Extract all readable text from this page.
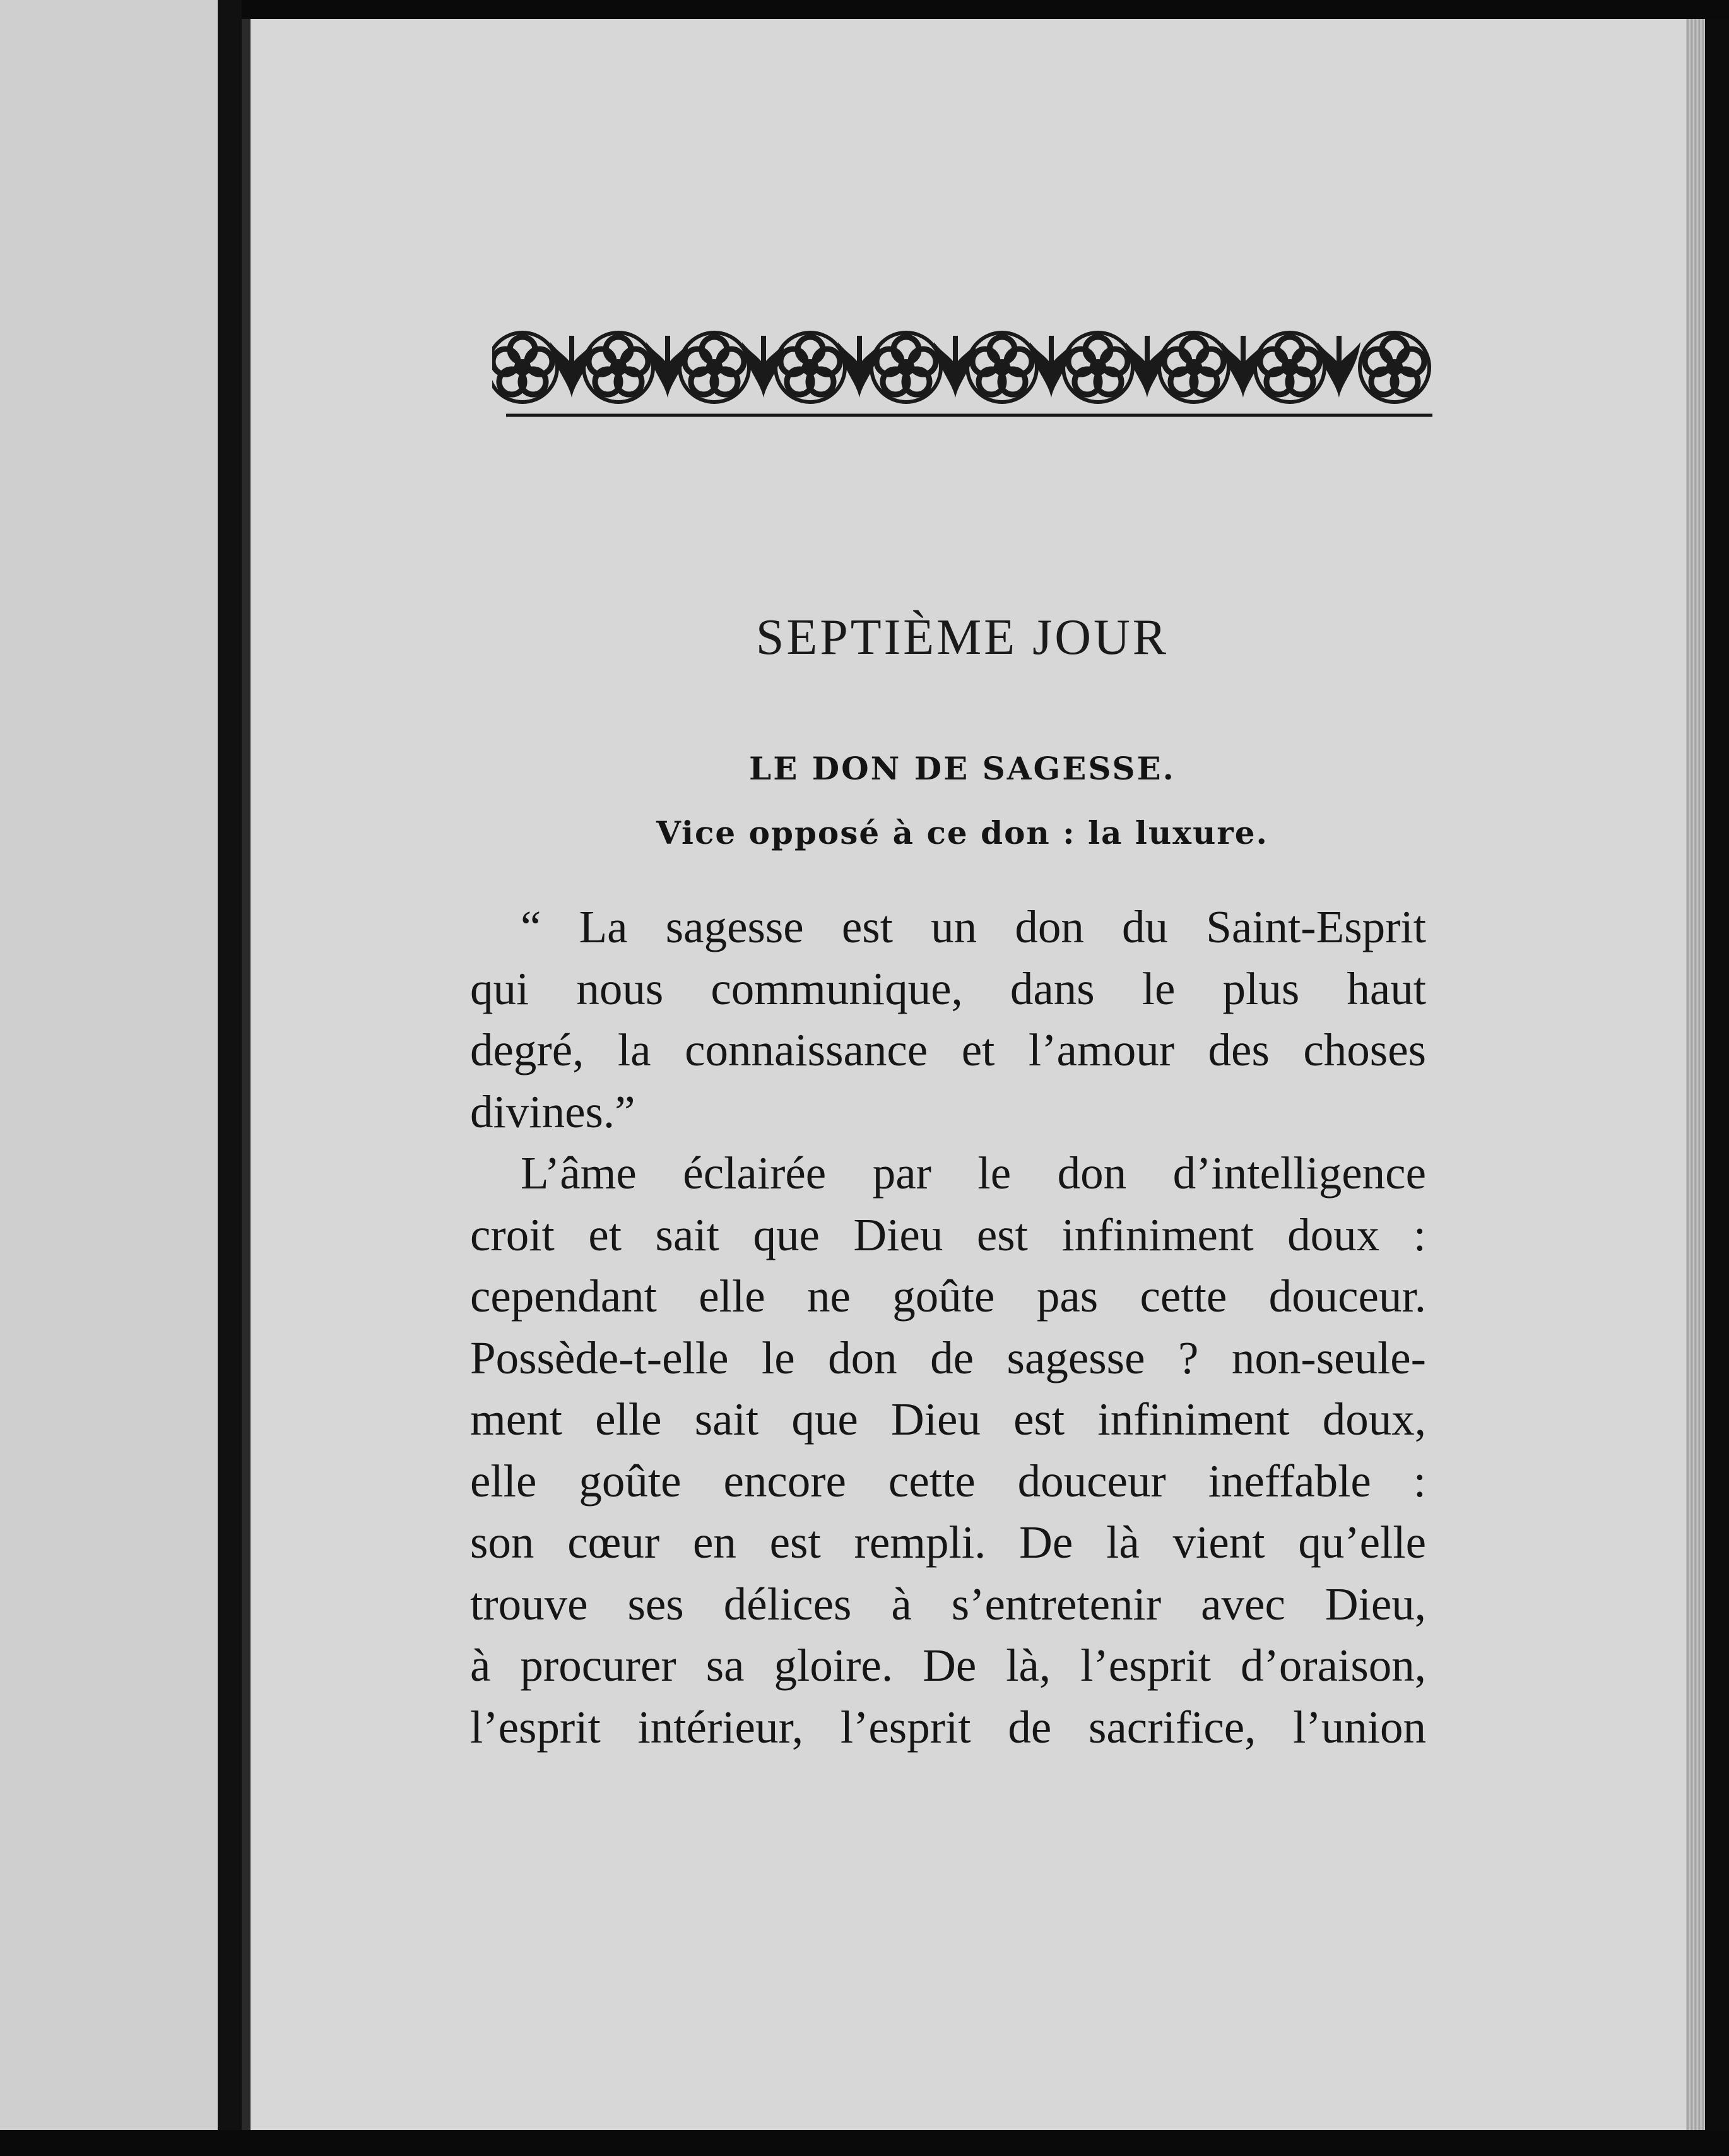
SEPTIÈME JOUR

LE DON DE SAGESSE.

Vice opposé à ce don : la luxure.

“ La sagesse est un don du Saint-Esprit
qui nous communique, dans le plus haut
degré, la connaissance et l’amour des choses
divines.”
L’âme éclairée par le don d’intelligence
croit et sait que Dieu est infiniment doux :
cependant elle ne goûte pas cette douceur.
Possède-t-elle le don de sagesse ? non-seule-
ment elle sait que Dieu est infiniment doux,
elle goûte encore cette douceur ineffable :
son cœur en est rempli. De là vient qu’elle
trouve ses délices à s’entretenir avec Dieu,
à procurer sa gloire. De là, l’esprit d’oraison,
l’esprit intérieur, l’esprit de sacrifice, l’union
